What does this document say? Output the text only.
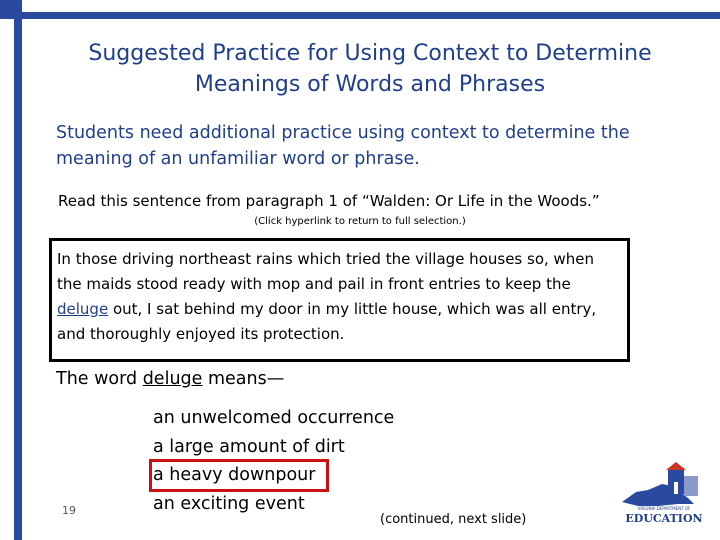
Suggested Practice for Using Context to Determine
Meanings of Words and Phrases
Students need additional practice using context to determine the meaning of an unfamiliar word or phrase.
Read this sentence from paragraph 1 of “Walden: Or Life in the Woods.”
(Click hyperlink to return to full selection.)
In those driving northeast rains which tried the village houses so, when the maids stood ready with mop and pail in front entries to keep the deluge out, I sat behind my door in my little house, which was all entry, and thoroughly enjoyed its protection.
The word deluge means—
an unwelcomed occurrence
a large amount of dirt
a heavy downpour
an exciting event
19
(continued, next slide)
VIRGINIA DEPARTMENT OF
EDUCATION
